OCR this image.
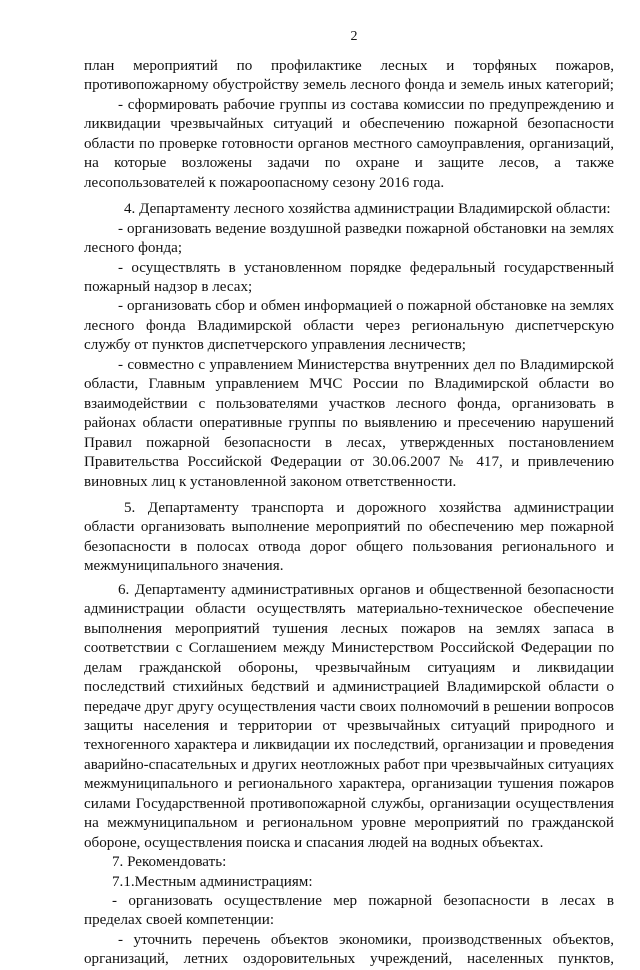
2

план мероприятий по профилактике лесных и торфяных пожаров, противопожарному обустройству земель лесного фонда и земель иных категорий;

- сформировать рабочие группы из состава комиссии по предупреждению и ликвидации чрезвычайных ситуаций и обеспечению пожарной безопасности области по проверке готовности органов местного самоуправления, организаций, на которые возложены задачи по охране и защите лесов, а также лесопользователей к пожароопасному сезону 2016 года.

4. Департаменту лесного хозяйства администрации Владимирской области:

- организовать ведение воздушной разведки пожарной обстановки на землях лесного фонда;

- осуществлять в установленном порядке федеральный государственный пожарный надзор в лесах;

- организовать сбор и обмен информацией о пожарной обстановке на землях лесного фонда Владимирской области через региональную диспетчерскую службу от пунктов диспетчерского управления лесничеств;

- совместно с управлением Министерства внутренних дел по Владимирской области, Главным управлением МЧС России по Владимирской области во взаимодействии с пользователями участков лесного фонда, организовать в районах области оперативные группы по выявлению и пресечению нарушений Правил пожарной безопасности в лесах, утвержденных постановлением Правительства Российской Федерации от 30.06.2007 № 417, и привлечению виновных лиц к установленной законом ответственности.

5. Департаменту транспорта и дорожного хозяйства администрации области организовать выполнение мероприятий по обеспечению мер пожарной безопасности в полосах отвода дорог общего пользования регионального и межмуниципального значения.

6. Департаменту административных органов и общественной безопасности администрации области осуществлять материально-техническое обеспечение выполнения мероприятий тушения лесных пожаров на землях запаса в соответствии с Соглашением между Министерством Российской Федерации по делам гражданской обороны, чрезвычайным ситуациям и ликвидации последствий стихийных бедствий и администрацией Владимирской области о передаче друг другу осуществления части своих полномочий в решении вопросов защиты населения и территории от чрезвычайных ситуаций природного и техногенного характера и ликвидации их последствий, организации и проведения аварийно-спасательных и других неотложных работ при чрезвычайных ситуациях межмуниципального и регионального характера, организации тушения пожаров силами Государственной противопожарной службы, организации осуществления на межмуниципальном и региональном уровне мероприятий по гражданской обороне, осуществления поиска и спасания людей на водных объектах.

7. Рекомендовать:

7.1.Местным администрациям:

- организовать осуществление мер пожарной безопасности в лесах в пределах своей компетенции:

- уточнить перечень объектов экономики, производственных объектов, организаций, летних оздоровительных учреждений, населенных пунктов,
